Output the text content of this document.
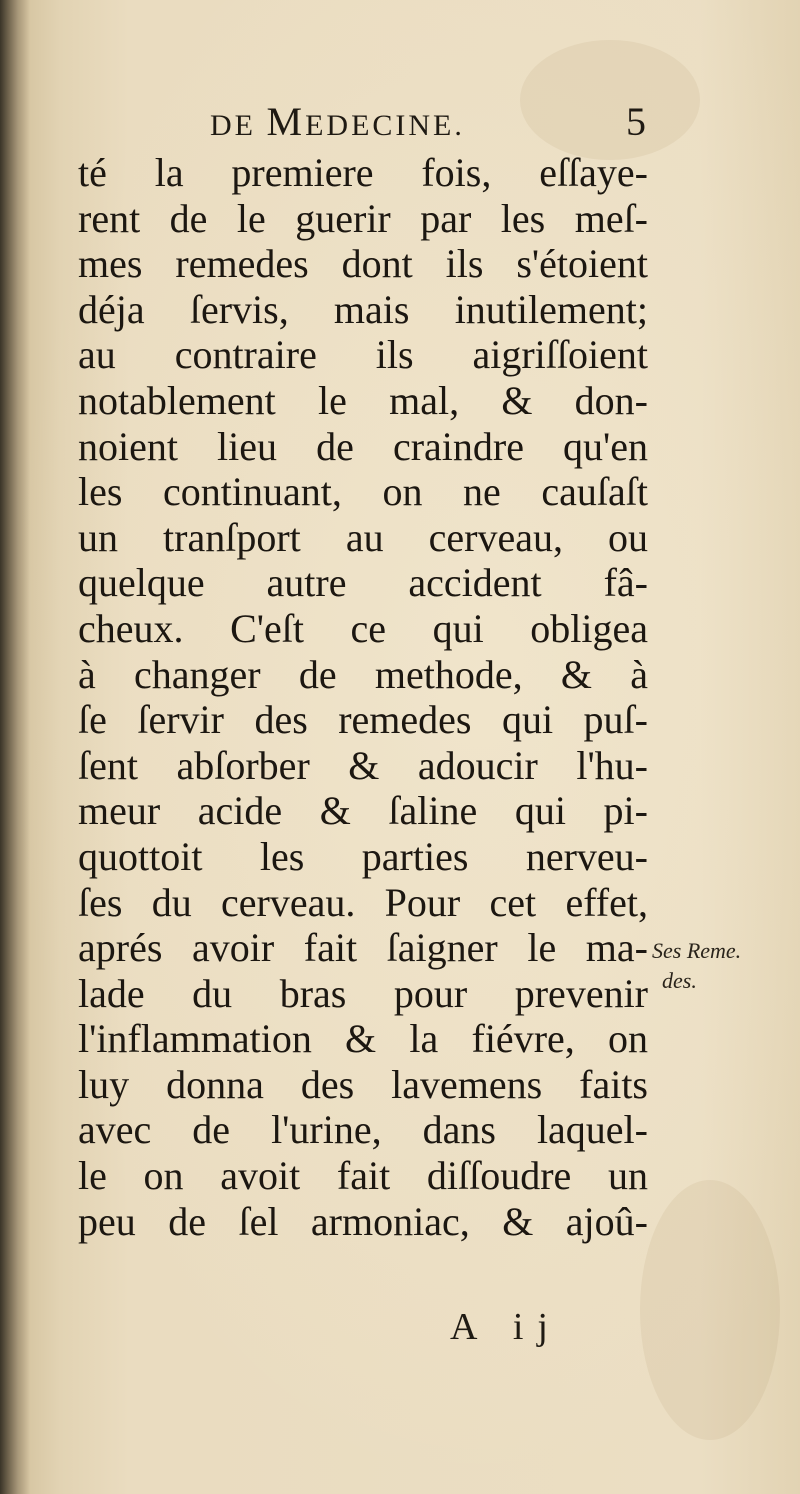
DE MEDECINE.	5
té la premiere fois, eſſaye-
rent de le guerir par les meſ-
mes remedes dont ils s'étoient
déja ſervis, mais inutilement;
au contraire ils aigriſſoient
notablement le mal, & don-
noient lieu de craindre qu'en
les continuant, on ne cauſaſt
un tranſport au cerveau, ou
quelque autre accident fâ-
cheux. C'eſt ce qui obligea
à changer de methode, & à
ſe ſervir des remedes qui puſ-
ſent abſorber & adoucir l'hu-
meur acide & ſaline qui pi-
quottoit les parties nerveu-
ſes du cerveau. Pour cet effet,
aprés avoir fait ſaigner le ma-
lade du bras pour prevenir
l'inflammation & la fiévre, on
luy donna des lavemens faits
avec de l'urine, dans laquel-
le on avoit fait diſſoudre un
peu de ſel armoniac, & ajoû-
Ses Reme.
des.
A ij
